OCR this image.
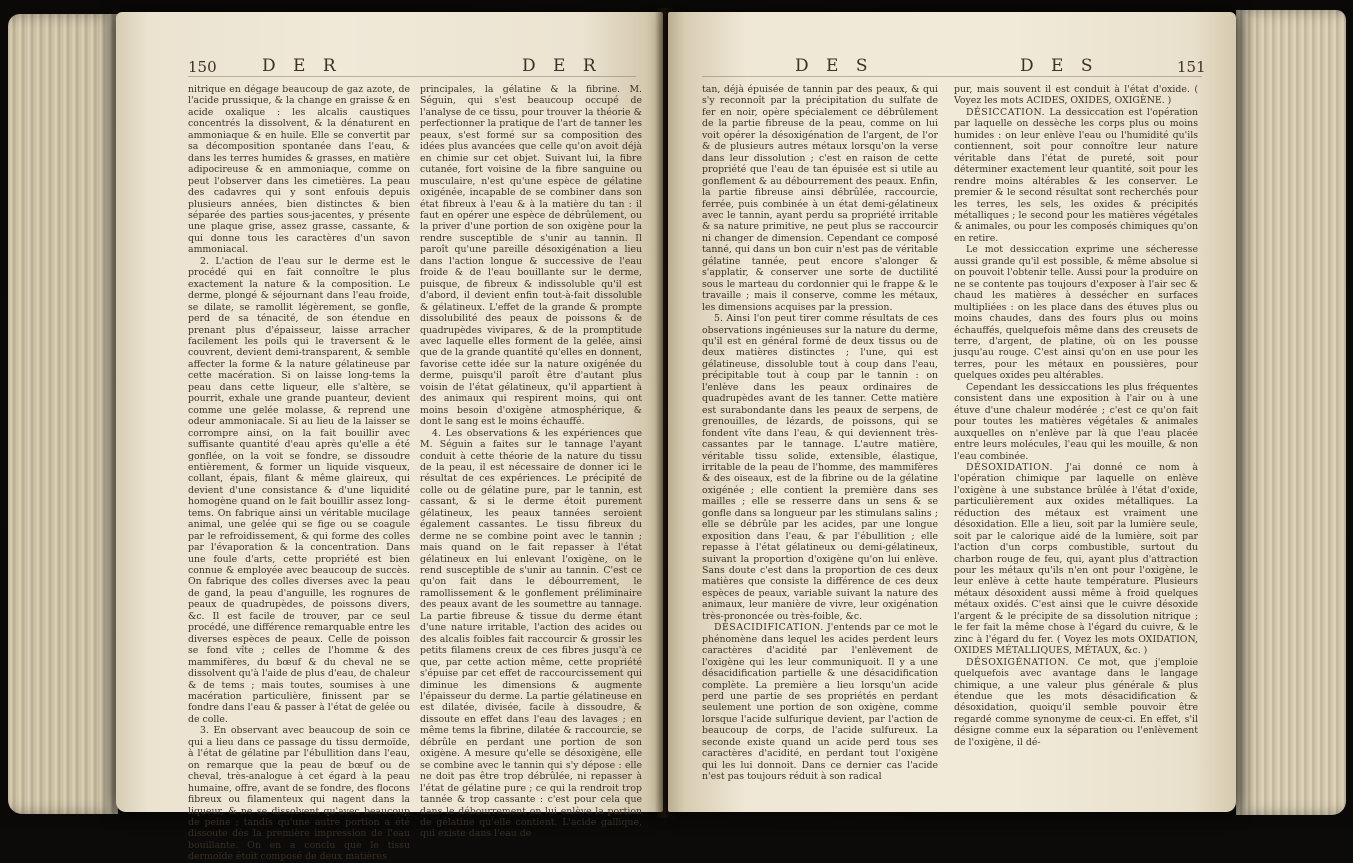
150	D E R	D E R

nitrique en dégage beaucoup de gaz azote, de l'acide prussique, & la change en graisse & en acide oxalique : les alcalis caustiques concentrés la dissolvent, & la dénaturent en ammoniaque & en huile. Elle se convertit par sa décomposition spontanée dans l'eau, & dans les terres humides & grasses, en matière adipocireuse & en ammoniaque, comme on peut l'observer dans les cimetières. La peau des cadavres qui y sont enfouis depuis plusieurs années, bien distinctes & bien séparée des parties sous-jacentes, y présente une plaque grise, assez grasse, cassante, & qui donne tous les caractères d'un savon ammoniacal.

2. L'action de l'eau sur le derme est le procédé qui en fait connoître le plus exactement la nature & la composition. Le derme, plongé & séjournant dans l'eau froide, se dilate, se ramollit légèrement, se gonfle, perd de sa ténacité, de son étendue en prenant plus d'épaisseur, laisse arracher facilement les poils qui le traversent & le couvrent, devient demi-transparent, & semble affecter la forme & la nature gélatineuse par cette macération. Si on laisse long-tems la peau dans cette liqueur, elle s'altère, se pourrit, exhale une grande puanteur, devient comme une gelée molasse, & reprend une odeur ammoniacale. Si au lieu de la laisser se corrompre ainsi, on la fait bouillir avec suffisante quantité d'eau après qu'elle a été gonflée, on la voit se fondre, se dissoudre entièrement, & former un liquide visqueux, collant, épais, filant & même glaireux, qui devient d'une consistance & d'une liquidité homogène quand on le fait bouillir assez long-tems. On fabrique ainsi un véritable mucilage animal, une gelée qui se fige ou se coagule par le refroidissement, & qui forme des colles par l'évaporation & la concentration. Dans une foule d'arts, cette propriété est bien connue & employée avec beaucoup de succès. On fabrique des colles diverses avec la peau de gand, la peau d'anguille, les rognures de peaux de quadrupèdes, de poissons divers, &c. Il est facile de trouver, par ce seul procédé, une différence remarquable entre les diverses espèces de peaux. Celle de poisson se fond vîte ; celles de l'homme & des mammifères, du bœuf & du cheval ne se dissolvent qu'à l'aide de plus d'eau, de chaleur & de tems ; mais toutes, soumises à une macération particulière, finissent par se fondre dans l'eau & passer à l'état de gelée ou de colle.

3. En observant avec beaucoup de soin ce qui a lieu dans ce passage du tissu dermoïde, à l'état de gélatine par l'ébullition dans l'eau, on remarque que la peau de bœuf ou de cheval, très-analogue à cet égard à la peau humaine, offre, avant de se fondre, des flocons fibreux ou filamenteux qui nagent dans la liqueur, & ne se dissolvent qu'avec beaucoup de peine ; tandis qu'une autre portion a été dissoute dès la première impression de l'eau bouillante. On en a conclu que le tissu dermoïde étoit composé de deux matières

principales, la gélatine & la fibrine. M. Séguin, qui s'est beaucoup occupé de l'analyse de ce tissu, pour trouver la théorie & perfectionner la pratique de l'art de tanner les peaux, s'est formé sur sa composition des idées plus avancées que celle qu'on avoit déjà en chimie sur cet objet. Suivant lui, la fibre cutanée, fort voisine de la fibre sanguine ou musculaire, n'est qu'une espèce de gélatine oxigénée, incapable de se combiner dans son état fibreux à l'eau & à la matière du tan : il faut en opérer une espèce de débrûlement, ou la priver d'une portion de son oxigène pour la rendre susceptible de s'unir au tannin. Il paroît qu'une pareille désoxigénation a lieu dans l'action longue & successive de l'eau froide & de l'eau bouillante sur le derme, puisque, de fibreux & indissoluble qu'il est d'abord, il devient enfin tout-à-fait dissoluble & gélatineux. L'effet de la grande & prompte dissolubilité des peaux de poissons & de quadrupèdes vivipares, & de la promptitude avec laquelle elles forment de la gelée, ainsi que de la grande quantité qu'elles en donnent, favorise cette idée sur la nature oxigénée du derme, puisqu'il paroît être d'autant plus voisin de l'état gélatineux, qu'il appartient à des animaux qui respirent moins, qui ont moins besoin d'oxigène atmosphérique, & dont le sang est le moins échauffé.

4. Les observations & les expériences que M. Séguin a faites sur le tannage l'ayant conduit à cette théorie de la nature du tissu de la peau, il est nécessaire de donner ici le résultat de ces expériences. Le précipité de colle ou de gélatine pure, par le tannin, est cassant, & si le derme étoit purement gélatineux, les peaux tannées seroient également cassantes. Le tissu fibreux du derme ne se combine point avec le tannin ; mais quand on le fait repasser à l'état gélatineux en lui enlevant l'oxigène, on le rend susceptible de s'unir au tannin. C'est ce qu'on fait dans le débourrement, le ramollissement & le gonflement préliminaire des peaux avant de les soumettre au tannage. La partie fibreuse & tissue du derme étant d'une nature irritable, l'action des acides ou des alcalis foibles fait raccourcir & grossir les petits filamens creux de ces fibres jusqu'à ce que, par cette action même, cette propriété s'épuise par cet effet de raccourcissement qui diminue les dimensions & augmente l'épaisseur du derme. La partie gélatineuse en est dilatée, divisée, facile à dissoudre, & dissoute en effet dans l'eau des lavages ; en même tems la fibrine, dilatée & raccourcie, se débrûle en perdant une portion de son oxigène. A mesure qu'elle se désoxigène, elle se combine avec le tannin qui s'y dépose : elle ne doit pas être trop débrûlée, ni repasser à l'état de gélatine pure ; ce qui la rendroit trop tannée & trop cassante : c'est pour cela que dans le débourrement on lui enlève la portion de gélatine qu'elle contient. L'acide gallique, qui existe dans l'eau de

D E S	D E S	151

tan, déjà épuisée de tannin par des peaux, & qui s'y reconnoît par la précipitation du sulfate de fer en noir, opère spécialement ce débrûlement de la partie fibreuse de la peau, comme on lui voit opérer la désoxigénation de l'argent, de l'or & de plusieurs autres métaux lorsqu'on la verse dans leur dissolution ; c'est en raison de cette propriété que l'eau de tan épuisée est si utile au gonflement & au débourrement des peaux. Enfin, la partie fibreuse ainsi débrûlée, raccourcie, ferrée, puis combinée à un état demi-gélatineux avec le tannin, ayant perdu sa propriété irritable & sa nature primitive, ne peut plus se raccourcir ni changer de dimension. Cependant ce composé tanné, qui dans un bon cuir n'est pas de véritable gélatine tannée, peut encore s'alonger & s'applatir, & conserver une sorte de ductilité sous le marteau du cordonnier qui le frappe & le travaille ; mais il conserve, comme les métaux, les dimensions acquises par la pression.

5. Ainsi l'on peut tirer comme résultats de ces observations ingénieuses sur la nature du derme, qu'il est en général formé de deux tissus ou de deux matières distinctes ; l'une, qui est gélatineuse, dissoluble tout à coup dans l'eau, précipitable tout à coup par le tannin : on l'enlève dans les peaux ordinaires de quadrupèdes avant de les tanner. Cette matière est surabondante dans les peaux de serpens, de grenouilles, de lézards, de poissons, qui se fondent vîte dans l'eau, & qui deviennent très-cassantes par le tannage. L'autre matière, véritable tissu solide, extensible, élastique, irritable de la peau de l'homme, des mammifères & des oiseaux, est de la fibrine ou de la gélatine oxigénée ; elle contient la première dans ses mailles ; elle se resserre dans un sens & se gonfle dans sa longueur par les stimulans salins ; elle se débrûle par les acides, par une longue exposition dans l'eau, & par l'ébullition ; elle repasse à l'état gélatineux ou demi-gélatineux, suivant la proportion d'oxigène qu'on lui enlève. Sans doute c'est dans la proportion de ces deux matières que consiste la différence de ces deux espèces de peaux, variable suivant la nature des animaux, leur manière de vivre, leur oxigénation très-prononcée ou très-foible, &c.

DÉSACIDIFICATION. J'entends par ce mot le phénomène dans lequel les acides perdent leurs caractères d'acidité par l'enlèvement de l'oxigène qui les leur communiquoit. Il y a une désacidification partielle & une désacidification complète. La première a lieu lorsqu'un acide perd une partie de ses propriétés en perdant seulement une portion de son oxigène, comme lorsque l'acide sulfurique devient, par l'action de beaucoup de corps, de l'acide sulfureux. La seconde existe quand un acide perd tous ses caractères d'acidité, en perdant tout l'oxigène qui les lui donnoit. Dans ce dernier cas l'acide n'est pas toujours réduit à son radical

pur, mais souvent il est conduit à l'état d'oxide. ( Voyez les mots ACIDES, OXIDES, OXIGÈNE. )

DÉSICCATION. La dessiccation est l'opération par laquelle on dessèche les corps plus ou moins humides : on leur enlève l'eau ou l'humidité qu'ils contiennent, soit pour connoître leur nature véritable dans l'état de pureté, soit pour déterminer exactement leur quantité, soit pour les rendre moins altérables & les conserver. Le premier & le second résultat sont recherchés pour les terres, les sels, les oxides & précipités métalliques ; le second pour les matières végétales & animales, ou pour les composés chimiques qu'on en retire.

Le mot dessiccation exprime une sécheresse aussi grande qu'il est possible, & même absolue si on pouvoit l'obtenir telle. Aussi pour la produire on ne se contente pas toujours d'exposer à l'air sec & chaud les matières à dessécher en surfaces multipliées : on les place dans des étuves plus ou moins chaudes, dans des fours plus ou moins échauffés, quelquefois même dans des creusets de terre, d'argent, de platine, où on les pousse jusqu'au rouge. C'est ainsi qu'on en use pour les terres, pour les métaux en poussières, pour quelques oxides peu altérables.

Cependant les dessiccations les plus fréquentes consistent dans une exposition à l'air ou à une étuve d'une chaleur modérée ; c'est ce qu'on fait pour toutes les matières végétales & animales auxquelles on n'enlève par là que l'eau placée entre leurs molécules, l'eau qui les mouille, & non l'eau combinée.

DÉSOXIDATION. J'ai donné ce nom à l'opération chimique par laquelle on enlève l'oxigène à une substance brûlée à l'état d'oxide, particulièrement aux oxides métalliques. La réduction des métaux est vraiment une désoxidation. Elle a lieu, soit par la lumière seule, soit par le calorique aidé de la lumière, soit par l'action d'un corps combustible, surtout du charbon rouge de feu, qui, ayant plus d'attraction pour les métaux qu'ils n'en ont pour l'oxigène, le leur enlève à cette haute température. Plusieurs métaux désoxident aussi même à froid quelques métaux oxidés. C'est ainsi que le cuivre désoxide l'argent & le précipite de sa dissolution nitrique ; le fer fait la même chose à l'égard du cuivre, & le zinc à l'égard du fer. ( Voyez les mots OXIDATION, OXIDES MÉTALLIQUES, MÉTAUX, &c. )

DÉSOXIGÉNATION. Ce mot, que j'emploie quelquefois avec avantage dans le langage chimique, a une valeur plus générale & plus étendue que les mots désacidification & désoxidation, quoiqu'il semble pouvoir être regardé comme synonyme de ceux-ci. En effet, s'il désigne comme eux la séparation ou l'enlèvement de l'oxigène, il dé-
